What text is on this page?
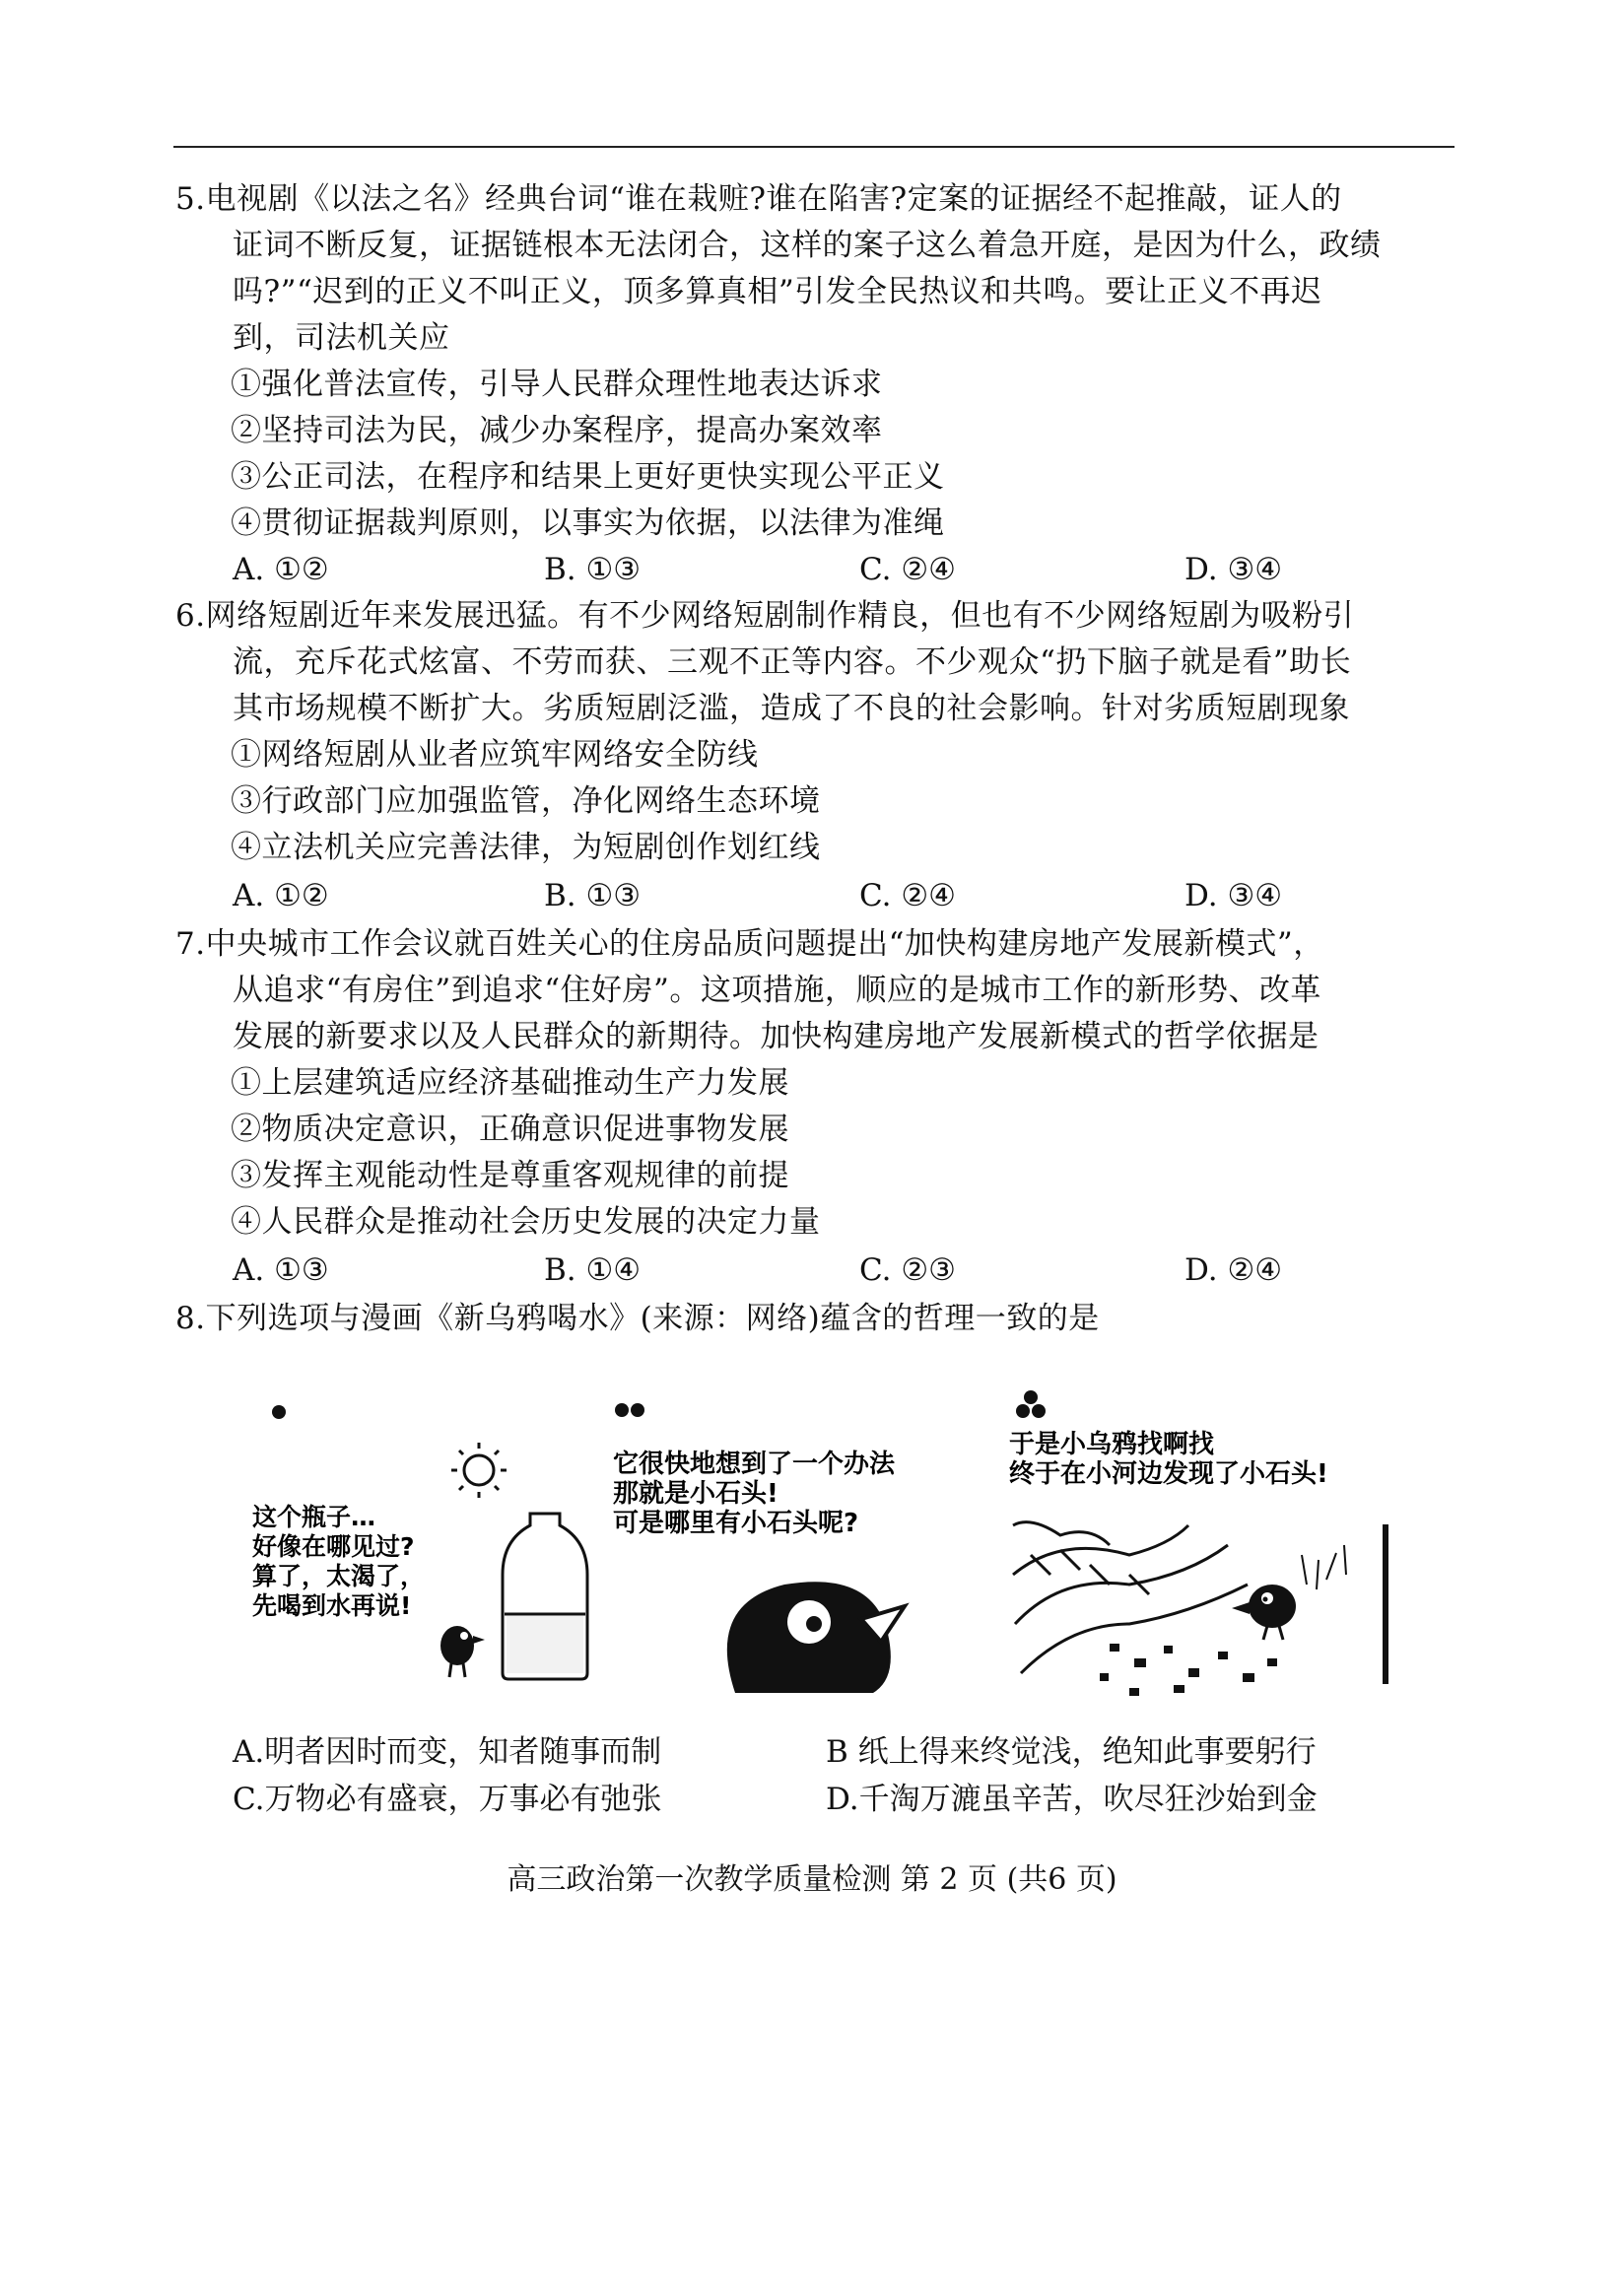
5.电视剧《以法之名》经典台词“谁在栽赃?谁在陷害?定案的证据经不起推敲，证人的
证词不断反复，证据链根本无法闭合，这样的案子这么着急开庭，是因为什么，政绩
吗?”“迟到的正义不叫正义，顶多算真相”引发全民热议和共鸣。要让正义不再迟
到，司法机关应
①强化普法宣传，引导人民群众理性地表达诉求
②坚持司法为民，减少办案程序，提高办案效率
③公正司法，在程序和结果上更好更快实现公平正义
④贯彻证据裁判原则，以事实为依据，以法律为准绳
A. ①②	B. ①③	C. ②④	D. ③④
6.网络短剧近年来发展迅猛。有不少网络短剧制作精良，但也有不少网络短剧为吸粉引
流，充斥花式炫富、不劳而获、三观不正等内容。不少观众“扔下脑子就是看”助长
其市场规模不断扩大。劣质短剧泛滥，造成了不良的社会影响。针对劣质短剧现象
①网络短剧从业者应筑牢网络安全防线
③行政部门应加强监管，净化网络生态环境
④立法机关应完善法律，为短剧创作划红线
A. ①②	B. ①③	C. ②④	D. ③④
7.中央城市工作会议就百姓关心的住房品质问题提出“加快构建房地产发展新模式”，
从追求“有房住”到追求“住好房”。这项措施，顺应的是城市工作的新形势、改革
发展的新要求以及人民群众的新期待。加快构建房地产发展新模式的哲学依据是
①上层建筑适应经济基础推动生产力发展
②物质决定意识，正确意识促进事物发展
③发挥主观能动性是尊重客观规律的前提
④人民群众是推动社会历史发展的决定力量
A. ①③	B. ①④	C. ②③	D. ②④
8.下列选项与漫画《新乌鸦喝水》(来源：网络)蕴含的哲理一致的是
这个瓶子…
好像在哪见过?
算了，太渴了，
先喝到水再说!
它很快地想到了一个办法
那就是小石头!
可是哪里有小石头呢?
于是小乌鸦找啊找
终于在小河边发现了小石头!
A.明者因时而变，知者随事而制	B 纸上得来终觉浅，绝知此事要躬行
C.万物必有盛衰，万事必有弛张	D.千淘万漉虽辛苦，吹尽狂沙始到金
高三政治第一次教学质量检测 第 2 页 (共6 页)
